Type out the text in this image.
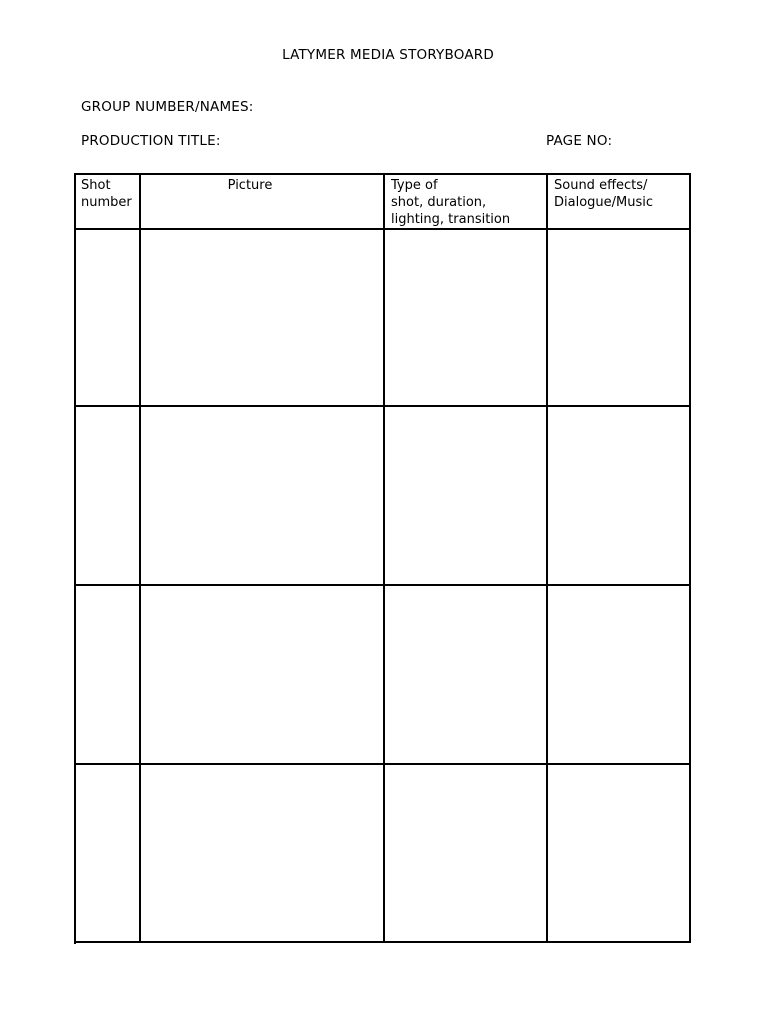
LATYMER MEDIA STORYBOARD
GROUP NUMBER/NAMES:
PRODUCTION TITLE:	PAGE NO:
Shot
number
Picture	Type of
shot, duration,
lighting, transition
Sound effects/
Dialogue/Music
